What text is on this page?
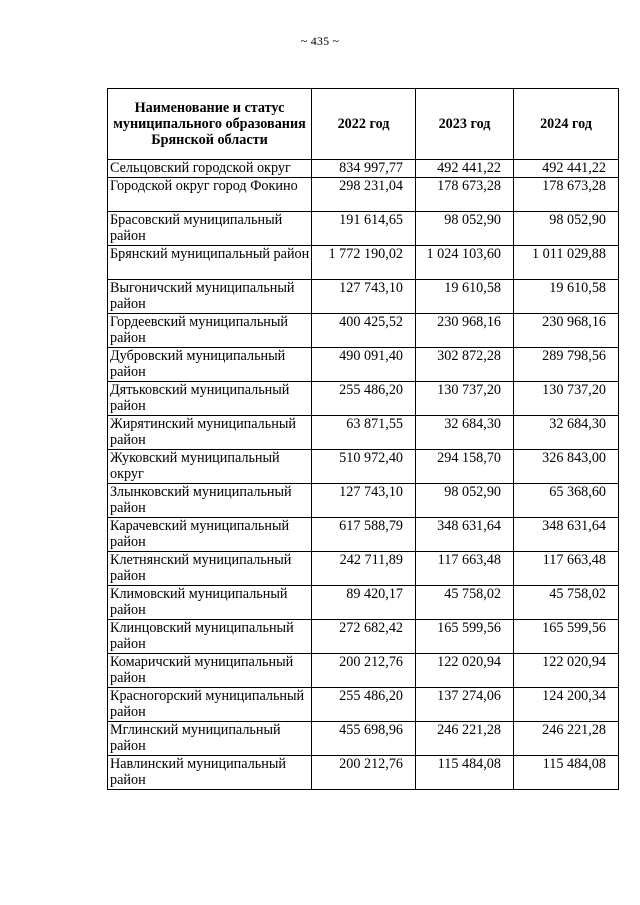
~ 435 ~
Наименование и статус муниципального образования Брянской области	2022 год	2023 год	2024 год
Сельцовский городской округ	834 997,77	492 441,22	492 441,22
Городской округ город Фокино	298 231,04	178 673,28	178 673,28
Брасовский муниципальный район	191 614,65	98 052,90	98 052,90
Брянский муниципальный район	1 772 190,02	1 024 103,60	1 011 029,88
Выгоничский муниципальный район	127 743,10	19 610,58	19 610,58
Гордеевский муниципальный район	400 425,52	230 968,16	230 968,16
Дубровский муниципальный район	490 091,40	302 872,28	289 798,56
Дятьковский муниципальный район	255 486,20	130 737,20	130 737,20
Жирятинский муниципальный район	63 871,55	32 684,30	32 684,30
Жуковский муниципальный округ	510 972,40	294 158,70	326 843,00
Злынковский муниципальный район	127 743,10	98 052,90	65 368,60
Карачевский муниципальный район	617 588,79	348 631,64	348 631,64
Клетнянский муниципальный район	242 711,89	117 663,48	117 663,48
Климовский муниципальный район	89 420,17	45 758,02	45 758,02
Клинцовский муниципальный район	272 682,42	165 599,56	165 599,56
Комаричский муниципальный район	200 212,76	122 020,94	122 020,94
Красногорский муниципальный район	255 486,20	137 274,06	124 200,34
Мглинский муниципальный район	455 698,96	246 221,28	246 221,28
Навлинский муниципальный район	200 212,76	115 484,08	115 484,08
